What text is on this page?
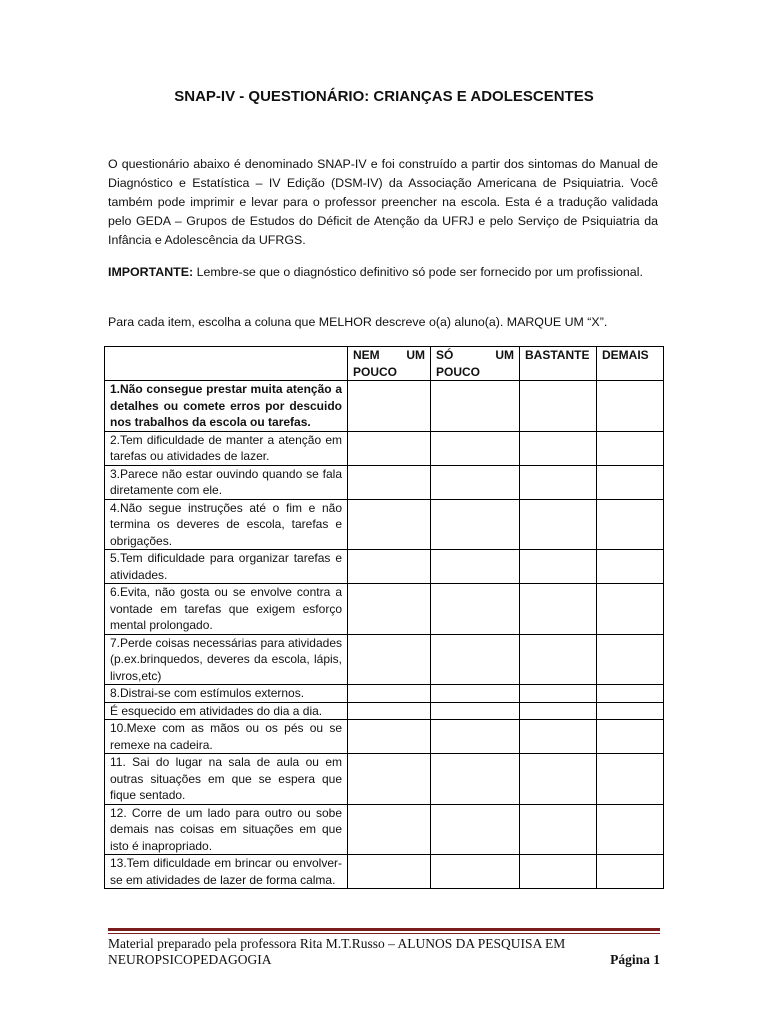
SNAP-IV - QUESTIONÁRIO: CRIANÇAS E ADOLESCENTES
O questionário abaixo é denominado SNAP-IV e foi construído a partir dos sintomas do Manual de Diagnóstico e Estatística – IV Edição (DSM-IV) da Associação Americana de Psiquiatria. Você também pode imprimir e levar para o professor preencher na escola. Esta é a tradução validada pelo GEDA – Grupos de Estudos do Déficit de Atenção da UFRJ e pelo Serviço de Psiquiatria da Infância e Adolescência da UFRGS.
IMPORTANTE: Lembre-se que o diagnóstico definitivo só pode ser fornecido por um profissional.
Para cada item, escolha a coluna que MELHOR descreve o(a) aluno(a). MARQUE UM “X”.
	NEM UM POUCO	SÓ UM POUCO	BASTANTE	DEMAIS
1.Não consegue prestar muita atenção a detalhes ou comete erros por descuido nos trabalhos da escola ou tarefas.				
2.Tem dificuldade de manter a atenção em tarefas ou atividades de lazer.				
3.Parece não estar ouvindo quando se fala diretamente com ele.				
4.Não segue instruções até o fim e não termina os deveres de escola, tarefas e obrigações.				
5.Tem dificuldade para organizar tarefas e atividades.				
6.Evita, não gosta ou se envolve contra a vontade em tarefas que exigem esforço mental prolongado.				
7.Perde coisas necessárias para atividades (p.ex.brinquedos, deveres da escola, lápis, livros,etc)				
8.Distrai-se com estímulos externos.				
É esquecido em atividades do dia a dia.				
10.Mexe com as mãos ou os pés ou se remexe na cadeira.				
11. Sai do lugar na sala de aula ou em outras situações em que se espera que fique sentado.				
12. Corre de um lado para outro ou sobe demais nas coisas em situações em que isto é inapropriado.				
13.Tem dificuldade em brincar ou envolver-se em atividades de lazer de forma calma.				
Material preparado pela professora Rita M.T.Russo – ALUNOS DA PESQUISA EM
NEUROPSICOPEDAGOGIA	Página 1
